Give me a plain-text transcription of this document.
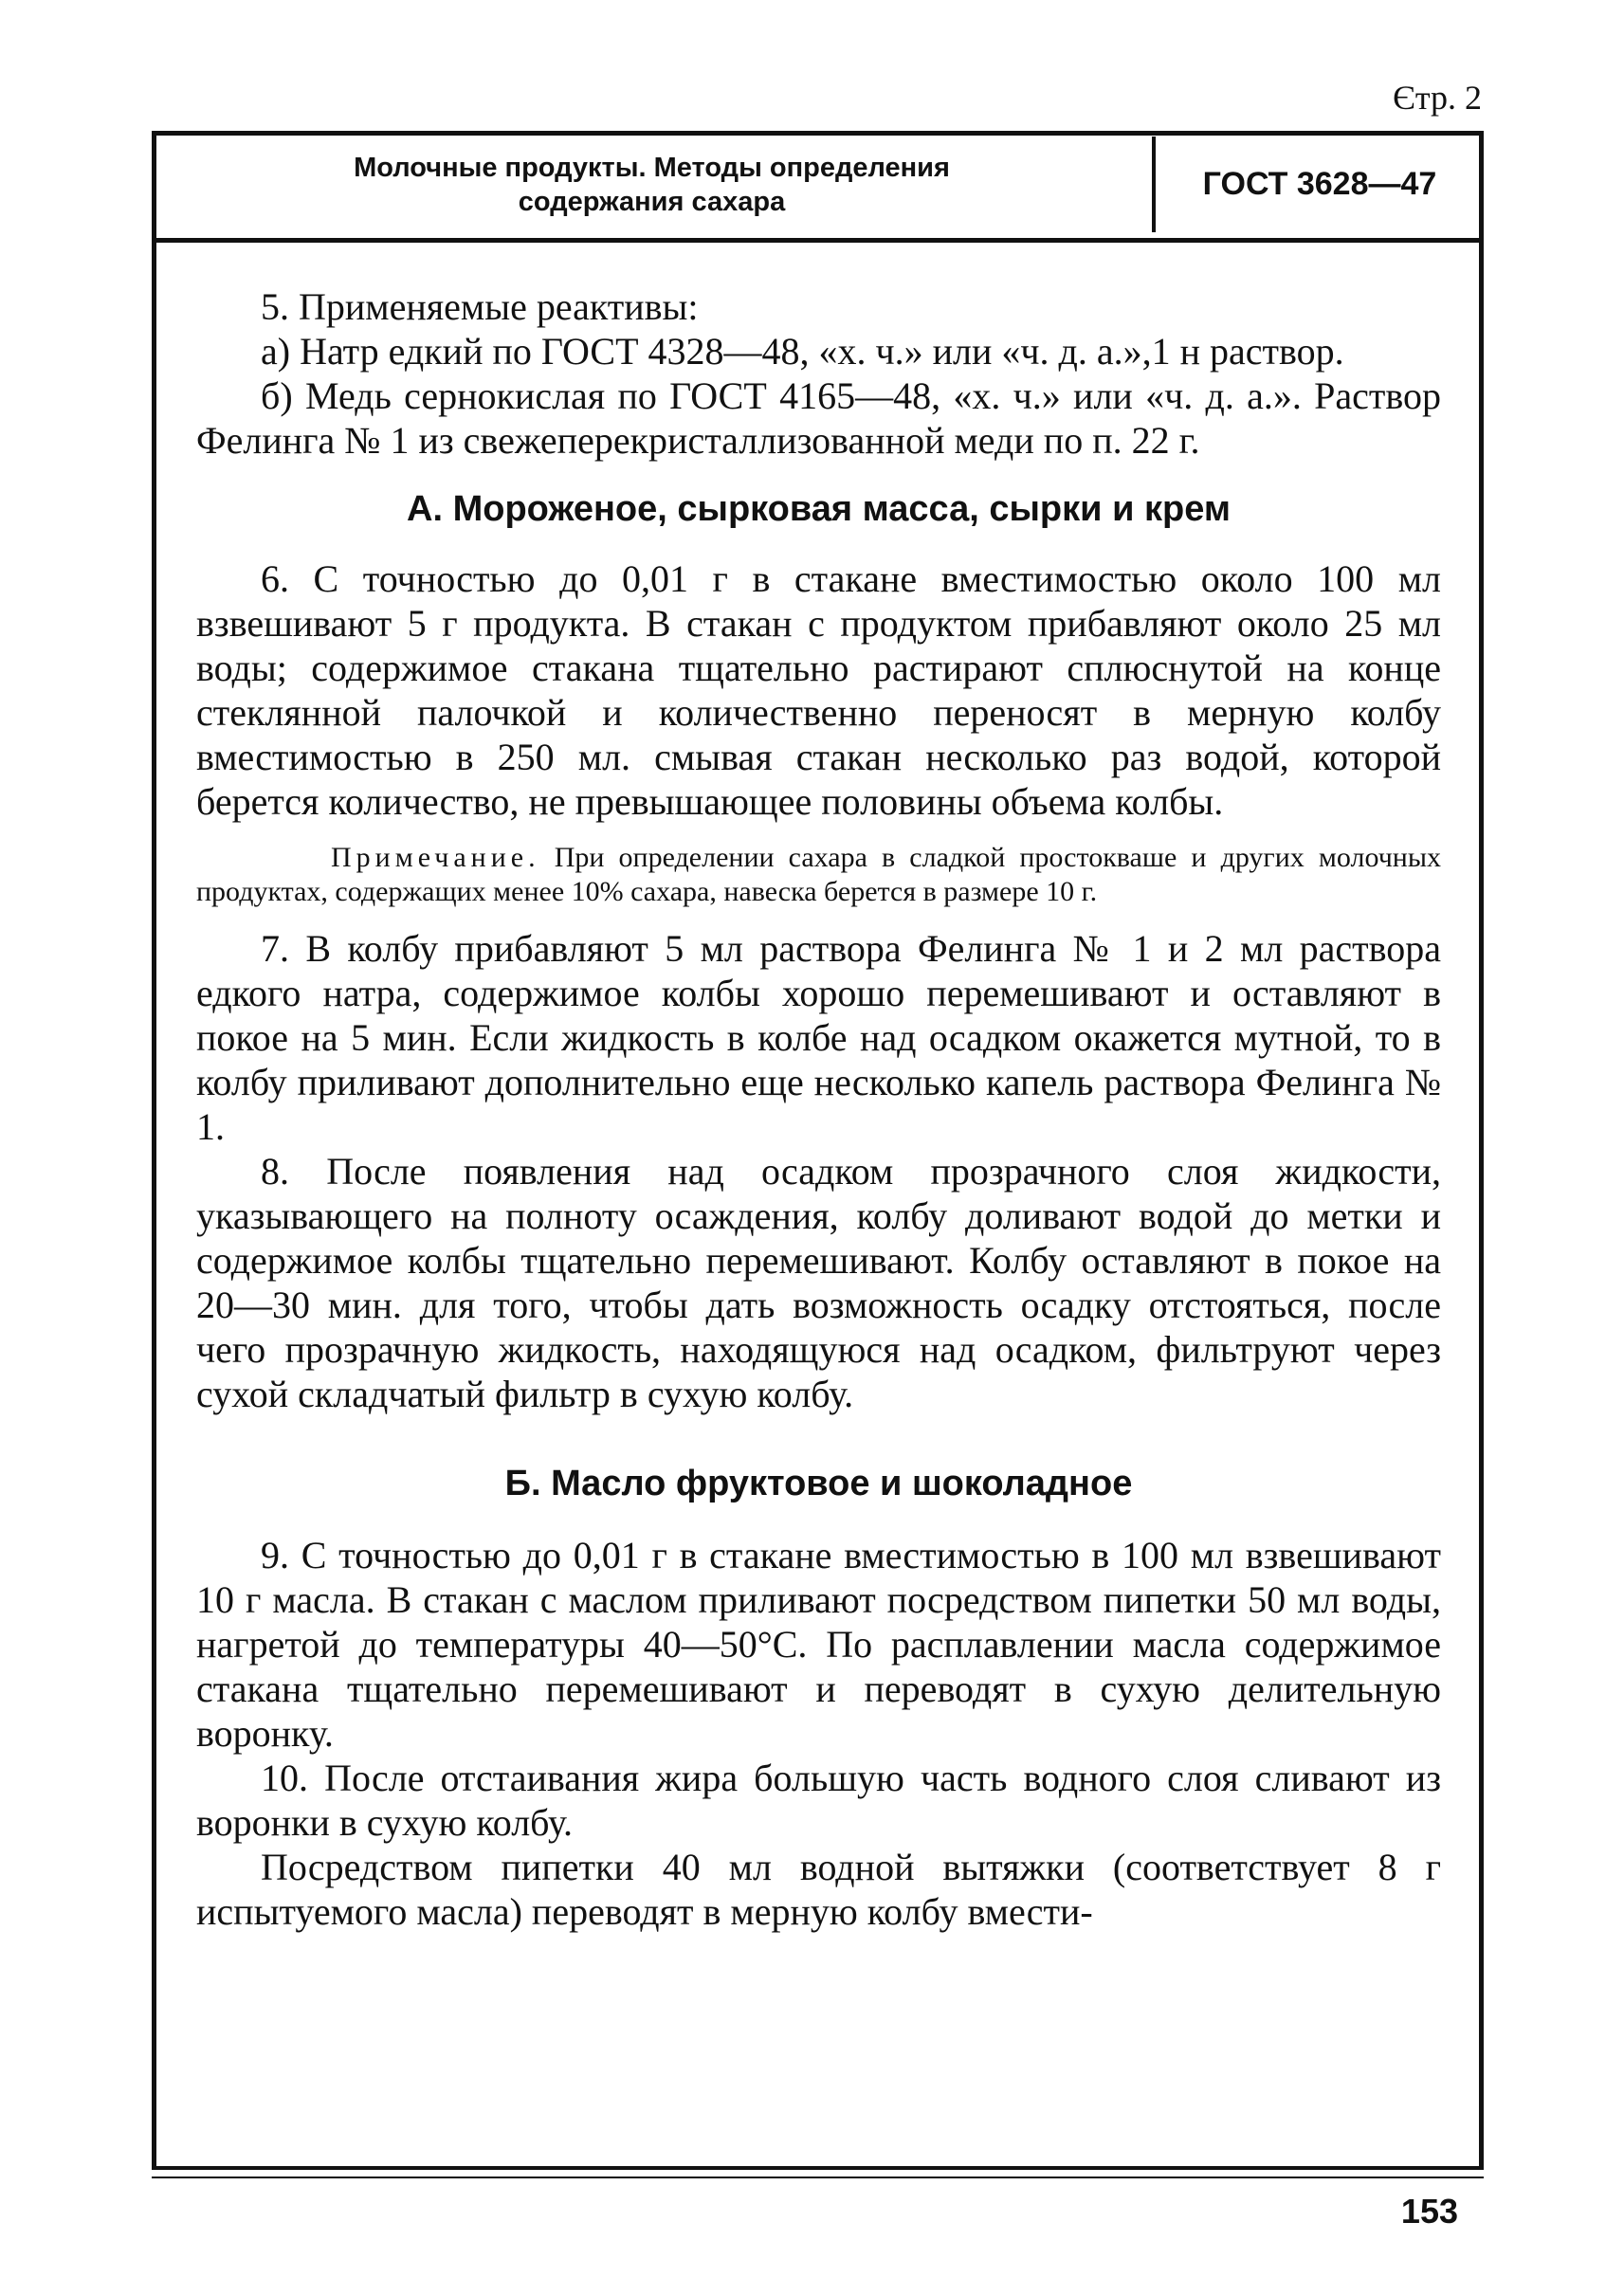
Єтр. 2
Молочные продукты. Методы определения
содержания сахара	ГОСТ 3628—47

5. Применяемые реактивы:

а) Натр едкий по ГОСТ 4328—48, «х. ч.» или «ч. д. а.»,1 н раствор.

б) Медь сернокислая по ГОСТ 4165—48, «х. ч.» или «ч. д. а.». Раствор Фелинга № 1 из свежеперекристаллизованной меди по п. 22 г.

А. Мороженое, сырковая масса, сырки и крем

6. С точностью до 0,01 г в стакане вместимостью около 100 мл взвешивают 5 г продукта. В стакан с продуктом прибавляют около 25 мл воды; содержимое стакана тщательно растирают сплюснутой на конце стеклянной палочкой и количественно переносят в мерную колбу вместимостью в 250 мл. смывая стакан несколько раз водой, которой берется количество, не превышающее половины объема колбы.

Примечание. При определении сахара в сладкой простокваше и других молочных продуктах, содержащих менее 10% сахара, навеска берется в размере 10 г.

7. В колбу прибавляют 5 мл раствора Фелинга № 1 и 2 мл раствора едкого натра, содержимое колбы хорошо перемешивают и оставляют в покое на 5 мин. Если жидкость в колбе над осадком окажется мутной, то в колбу приливают дополнительно еще несколько капель раствора Фелинга № 1.

8. После появления над осадком прозрачного слоя жидкости, указывающего на полноту осаждения, колбу доливают водой до метки и содержимое колбы тщательно перемешивают. Колбу оставляют в покое на 20—30 мин. для того, чтобы дать возможность осадку отстояться, после чего прозрачную жидкость, находящуюся над осадком, фильтруют через сухой складчатый фильтр в сухую колбу.

Б. Масло фруктовое и шоколадное

9. С точностью до 0,01 г в стакане вместимостью в 100 мл взвешивают 10 г масла. В стакан с маслом приливают посредством пипетки 50 мл воды, нагретой до температуры 40—50°С. По расплавлении масла содержимое стакана тщательно перемешивают и переводят в сухую делительную воронку.

10. После отстаивания жира большую часть водного слоя сливают из воронки в сухую колбу.

Посредством пипетки 40 мл водной вытяжки (соответствует 8 г испытуемого масла) переводят в мерную колбу вмести-

153
